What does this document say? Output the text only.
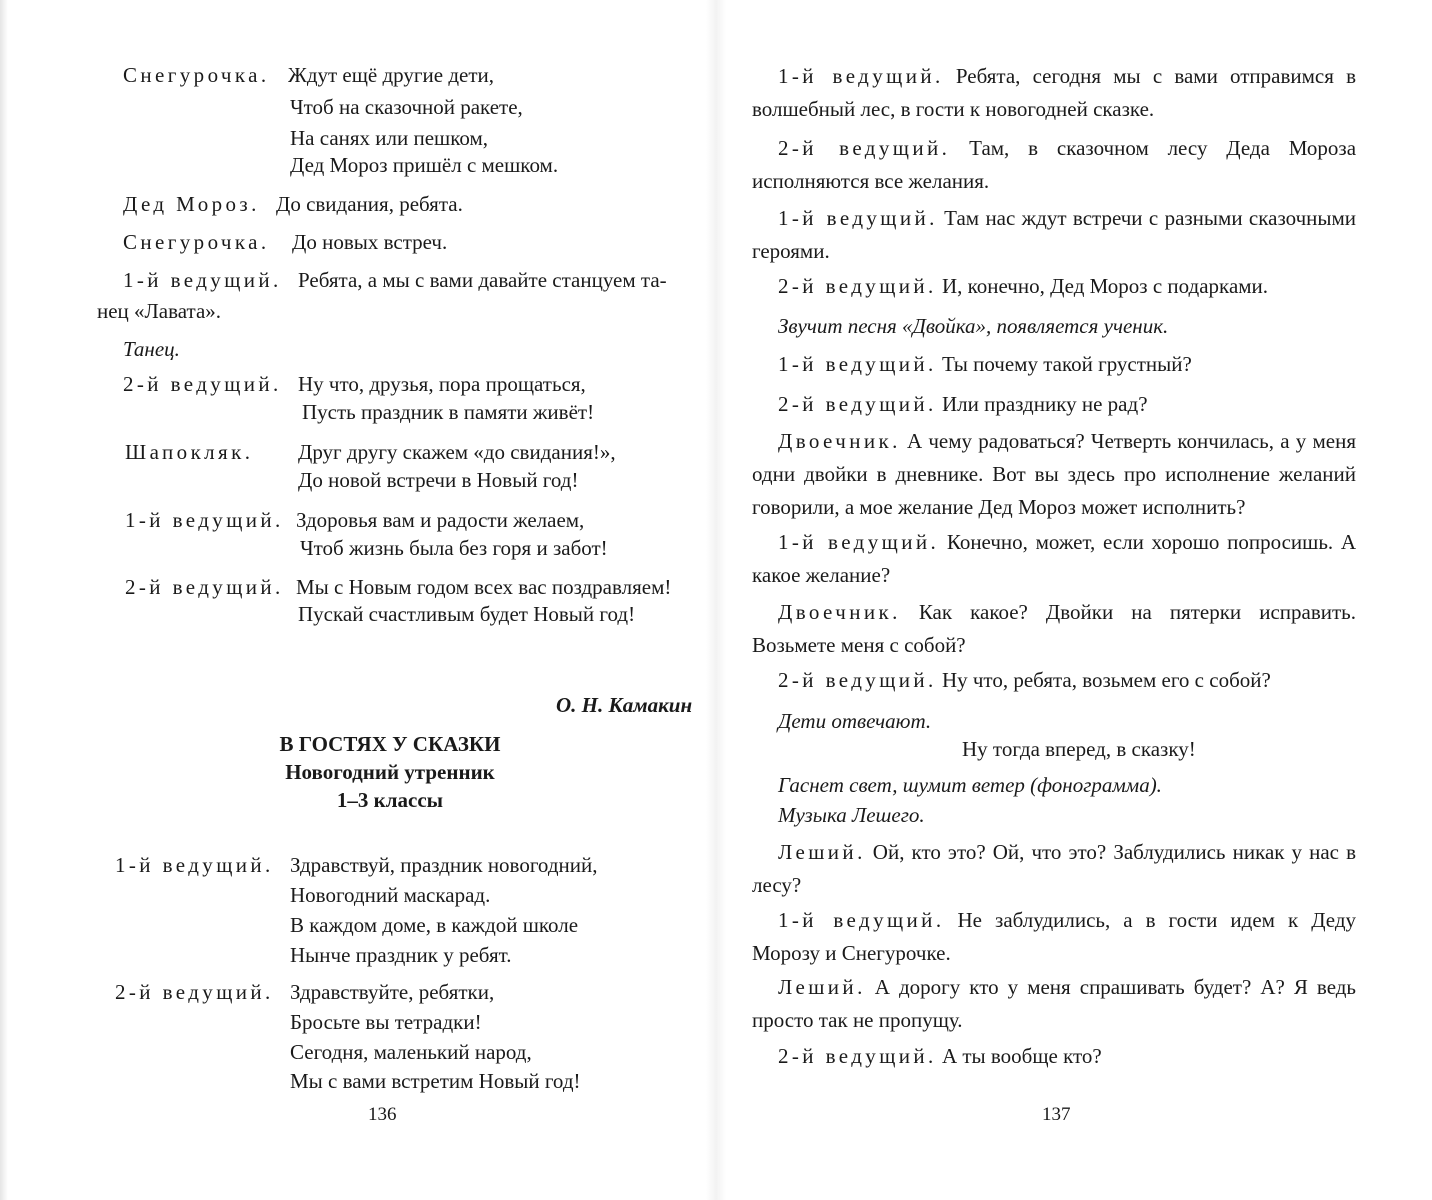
Снегурочка. Ждут ещё другие дети,
Чтоб на сказочной ракете,
На санях или пешком,
Дед Мороз пришёл с мешком.
Дед Мороз. До свидания, ребята.
Снегурочка. До новых встреч.
1-й ведущий. Ребята, а мы с вами давайте станцуем та-
нец «Лавата».
Танец.
2-й ведущий. Ну что, друзья, пора прощаться,
Пусть праздник в памяти живёт!
Шапокляк. Друг другу скажем «до свидания!»,
До новой встречи в Новый год!
1-й ведущий. Здоровья вам и радости желаем,
Чтоб жизнь была без горя и забот!
2-й ведущий. Мы с Новым годом всех вас поздравляем!
Пускай счастливым будет Новый год!
О. Н. Камакин
В ГОСТЯХ У СКАЗКИ
Новогодний утренник
1–3 классы
1-й ведущий. Здравствуй, праздник новогодний,
Новогодний маскарад.
В каждом доме, в каждой школе
Нынче праздник у ребят.
2-й ведущий. Здравствуйте, ребятки,
Бросьте вы тетрадки!
Сегодня, маленький народ,
Мы с вами встретим Новый год!
136
1-й ведущий. Ребята, сегодня мы с вами отправимся в волшебный лес, в гости к новогодней сказке.
2-й ведущий. Там, в сказочном лесу Деда Мороза исполняются все желания.
1-й ведущий. Там нас ждут встречи с разными сказочными героями.
2-й ведущий. И, конечно, Дед Мороз с подарками.
Звучит песня «Двойка», появляется ученик.
1-й ведущий. Ты почему такой грустный?
2-й ведущий. Или празднику не рад?
Двоечник. А чему радоваться? Четверть кончилась, а у меня одни двойки в дневнике. Вот вы здесь про исполнение желаний говорили, а мое желание Дед Мороз может исполнить?
1-й ведущий. Конечно, может, если хорошо попросишь. А какое желание?
Двоечник. Как какое? Двойки на пятерки исправить. Возьмете меня с собой?
2-й ведущий. Ну что, ребята, возьмем его с собой?
Дети отвечают.
Ну тогда вперед, в сказку!
Гаснет свет, шумит ветер (фонограмма).
Музыка Лешего.
Леший. Ой, кто это? Ой, что это? Заблудились никак у нас в лесу?
1-й ведущий. Не заблудились, а в гости идем к Деду Морозу и Снегурочке.
Леший. А дорогу кто у меня спрашивать будет? А? Я ведь просто так не пропущу.
2-й ведущий. А ты вообще кто?
137
